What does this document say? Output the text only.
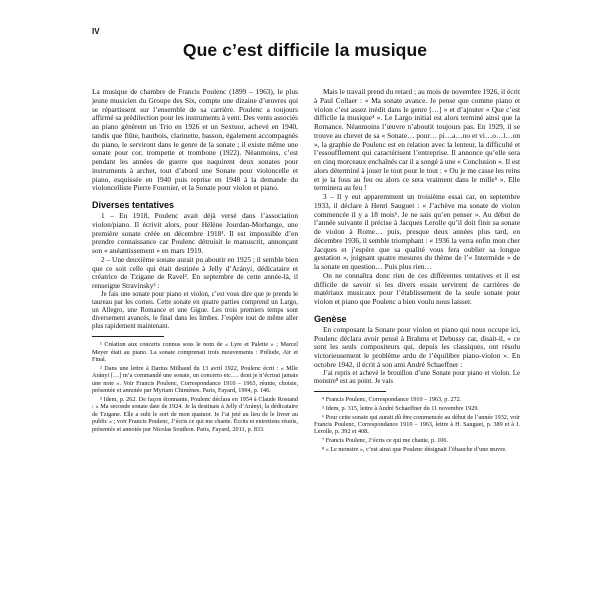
IV
Que c’est difficile la musique

La musique de chambre de Francis Poulenc (1899 – 1963), le plus jeune musicien du Groupe des Six, compte une dizaine d’œuvres qui se répartissent sur l’ensemble de sa carrière. Poulenc a toujours affirmé sa prédilection pour les instruments à vent. Des vents associés au piano génèrent un Trio en 1926 et un Sextuor, achevé en 1940, tandis que flûte, hautbois, clarinette, basson, également accompagnés du piano, le serviront dans le genre de la sonate ; il existe même une sonate pour cor, trompette et trombone (1922). Néanmoins, c’est pendant les années de guerre que naquirent deux sonates pour instruments à archet, tout d’abord une Sonate pour violoncelle et piano, esquissée en 1940 puis reprise en 1948 à la demande du violoncelliste Pierre Fournier, et la Sonate pour violon et piano.

Diverses tentatives

1 – En 1918, Poulenc avait déjà versé dans l’association violon/piano. Il écrivit alors, pour Hélène Jourdan-Morhange, une première sonate créée en décembre 1918¹. Il est impossible d’en prendre connaissance car Poulenc détruisit le manuscrit, annonçant son « anéantissement » en mars 1919.

2 – Une deuxième sonate aurait pu aboutir en 1925 ; il semble bien que ce soit celle qui était destinée à Jelly d’Arányi, dédicataire et créatrice de Tzigane de Ravel². En septembre de cette année-là, il renseigne Stravinsky³ :

Je fais une sonate pour piano et violon, c’est vous dire que je prends le taureau par les cornes. Cette sonate en quatre parties comprend un Largo, un Allegro, une Romance et une Gigue. Les trois premiers temps sont diversement avancés, le final dans les limbes. J’espère tout de même aller plus rapidement maintenant.

¹ Création aux concerts connus sous le nom de « Lyre et Palette » ; Marcel Meyer était au piano. La sonate comprenait trois mouvements : Prélude, Air et Final.

² Dans une lettre à Darius Milhaud du 13 avril 1922, Poulenc écrit : « Mlle Arányi […] m’a commandé une sonate, un concerto etc…. dont je n’écrirai jamais une note ». Voir Francis Poulenc, Correspondance 1910 – 1963, réunie, choisie, présentée et annotée par Myriam Chimènes. Paris, Fayard, 1994, p. 146.

³ Idem, p. 262. De façon étonnante, Poulenc déclara en 1954 à Claude Rostand : « Ma seconde sonate date de 1924. Je la destinais à Jelly d’Arányi, la dédicataire de Tzigane. Elle a subi le sort de mon quatuor. Je l’ai jeté au lieu de le livrer au public » ; voir Francis Poulenc, J’écris ce qui me chante. Écrits et entretiens réunis, présentés et annotés par Nicolas Southon. Paris, Fayard, 2011, p. 833.

Mais le travail prend du retard ; au mois de novembre 1926, il écrit à Paul Collaer : « Ma sonate avance. Je pense que comme piano et violon c’est assez inédit dans le genre […] » et d’ajouter « Que c’est difficile la musique⁴ ». Le Largo initial est alors terminé ainsi que la Romance. Néanmoins l’œuvre n’aboutit toujours pas. En 1929, il se trouve au chevet de sa « Sonate… pour… pi…a…no et vi…o…l…on », la graphie de Poulenc est en relation avec la lenteur, la difficulté et l’essoufflement qui caractérisent l’entreprise. Il annonce qu’elle sera en cinq morceaux enchaînés car il a songé à une « Conclusion ». Il est alors déterminé à jouer le tout pour le tout : « Ou je me casse les reins et je la fous au feu ou alors ce sera vraiment dans le mille⁵ ». Elle terminera au feu !

3 – Il y eut apparemment un troisième essai car, en septembre 1933, il déclare à Henri Sauguet : « J’achève ma sonate de violon commencée il y a 18 mois⁶. Je ne sais qu’en penser ». Au début de l’année suivante il précise à Jacques Lerolle qu’il doit finir sa sonate de violon à Rome… puis, presque deux années plus tard, en décembre 1936, il semble triomphant : « 1936 la verra enfin mon cher Jacques et j’espère que sa qualité vous fera oublier sa longue gestation », joignant quatre mesures du thème de l’« Intermède » de la sonate en question… Puis plus rien…

On ne connaîtra donc rien de ces différentes tentatives et il est difficile de savoir si les divers essais servirent de carrières de matériaux musicaux pour l’établissement de la seule sonate pour violon et piano que Poulenc a bien voulu nous laisser.

Genèse

En composant la Sonate pour violon et piano qui nous occupe ici, Poulenc déclara avoir pensé à Brahms et Debussy car, disait-il, « ce sont les seuls compositeurs qui, depuis les classiques, ont résolu victorieusement le problème ardu de l’équilibre piano-violon ». En octobre 1942, il écrit à son ami André Schaeffner :

J’ai repris et achevé le brouillon d’une Sonate pour piano et violon. Le monstre⁸ est au point. Je vais

⁴ Francis Poulenc, Correspondance 1910 – 1963, p. 272.

⁵ Idem, p. 315, lettre à André Schaeffner du 11 novembre 1929.

⁶ Pour cette sonate qui aurait dû être commencée au début de l’année 1932, voir Francis Poulenc, Correspondance 1910 – 1963, lettre à H. Sauguet, p. 389 et à J. Lerolle, p. 392 et 408.

⁷ Francis Poulenc, J’écris ce qui me chante, p. 106.

⁸ « Le monstre », c’est ainsi que Poulenc désignait l’ébauche d’une œuvre.
